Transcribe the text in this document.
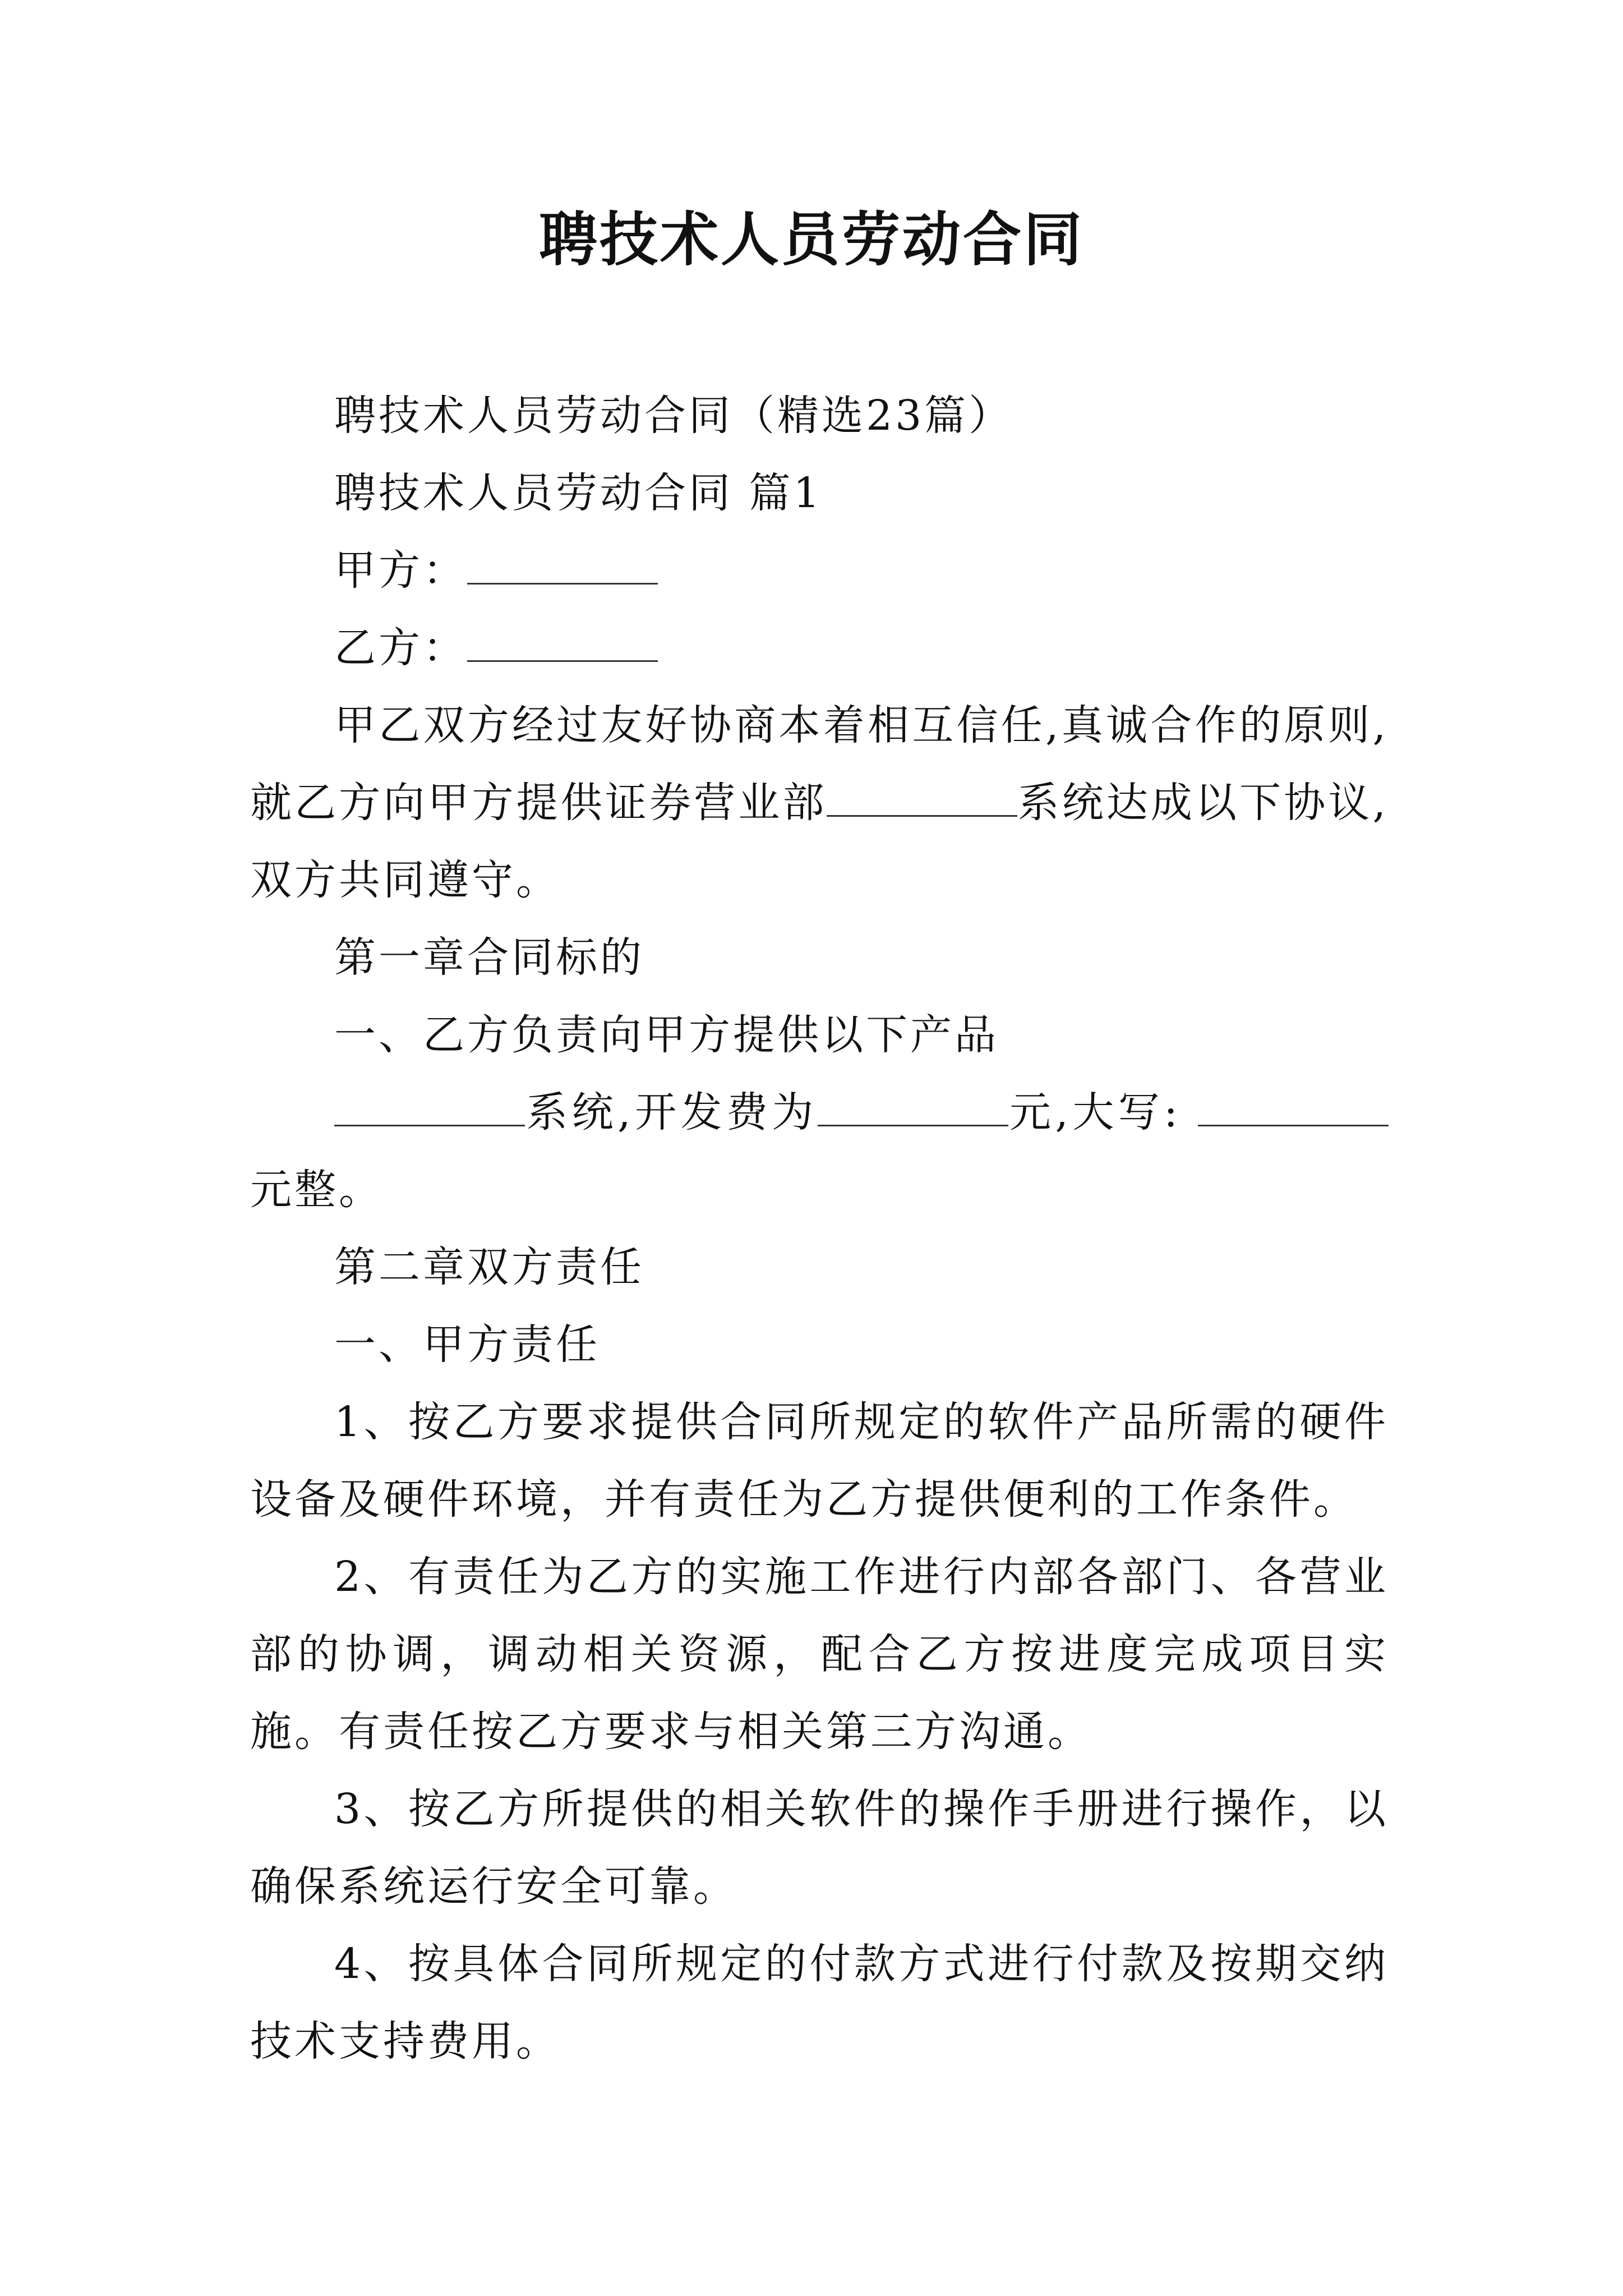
聘技术人员劳动合同

聘技术人员劳动合同（精选23篇）

聘技术人员劳动合同 篇1

甲方：

乙方：

甲乙双方经过友好协商本着相互信任,真诚合作的原则,就乙方向甲方提供证券营业部	系统达成以下协议,双方共同遵守。

第一章合同标的

一、乙方负责向甲方提供以下产品

系统,开发费为	元,大写: 元整。

第二章双方责任

一、甲方责任

1、按乙方要求提供合同所规定的软件产品所需的硬件设备及硬件环境，并有责任为乙方提供便利的工作条件。

2、有责任为乙方的实施工作进行内部各部门、各营业部的协调，调动相关资源，配合乙方按进度完成项目实施。有责任按乙方要求与相关第三方沟通。

3、按乙方所提供的相关软件的操作手册进行操作，以确保系统运行安全可靠。

4、按具体合同所规定的付款方式进行付款及按期交纳技术支持费用。
